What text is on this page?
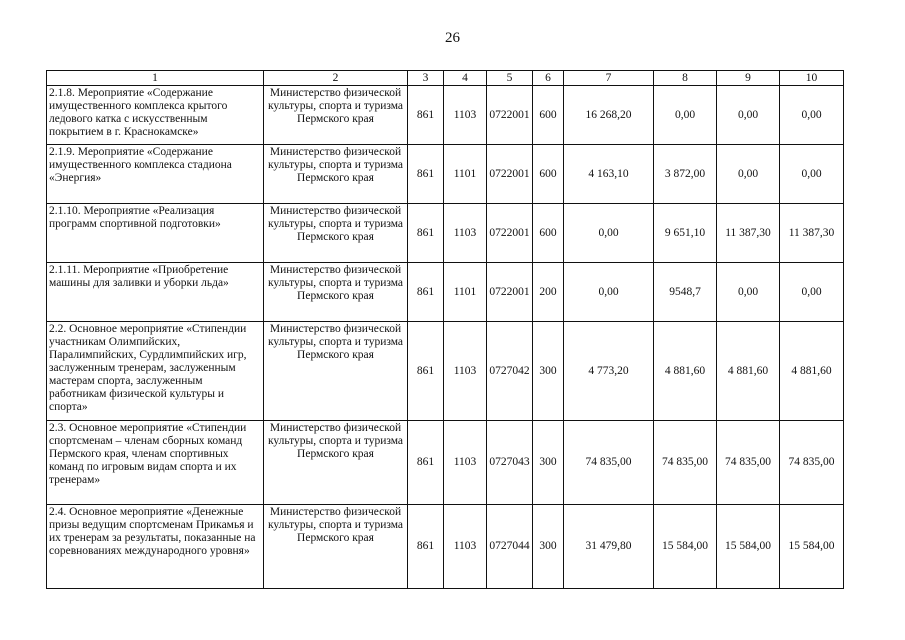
26
1	2	3	4	5	6	7	8	9	10
2.1.8. Мероприятие «Содержание имущественного комплекса крытого ледового катка с искусственным покрытием в г. Краснокамске»	Министерство физической культуры, спорта и туризма Пермского края	861	1103	0722001	600	16 268,20	0,00	0,00	0,00
2.1.9. Мероприятие «Содержание имущественного комплекса стадиона «Энергия»	Министерство физической культуры, спорта и туризма Пермского края	861	1101	0722001	600	4 163,10	3 872,00	0,00	0,00
2.1.10. Мероприятие «Реализация программ спортивной подготовки»	Министерство физической культуры, спорта и туризма Пермского края	861	1103	0722001	600	0,00	9 651,10	11 387,30	11 387,30
2.1.11. Мероприятие «Приобретение машины для заливки и уборки льда»	Министерство физической культуры, спорта и туризма Пермского края	861	1101	0722001	200	0,00	9548,7	0,00	0,00
2.2. Основное мероприятие «Стипендии участникам Олимпийских, Паралимпийских, Сурдлимпийских игр, заслуженным тренерам, заслуженным мастерам спорта, заслуженным работникам физической культуры и спорта»	Министерство физической культуры, спорта и туризма Пермского края	861	1103	0727042	300	4 773,20	4 881,60	4 881,60	4 881,60
2.3. Основное мероприятие «Стипендии спортсменам – членам сборных команд Пермского края, членам спортивных команд по игровым видам спорта и их тренерам»	Министерство физической культуры, спорта и туризма Пермского края	861	1103	0727043	300	74 835,00	74 835,00	74 835,00	74 835,00
2.4. Основное мероприятие «Денежные призы ведущим спортсменам Прикамья и их тренерам за результаты, показанные на соревнованиях международного уровня»	Министерство физической культуры, спорта и туризма Пермского края	861	1103	0727044	300	31 479,80	15 584,00	15 584,00	15 584,00
